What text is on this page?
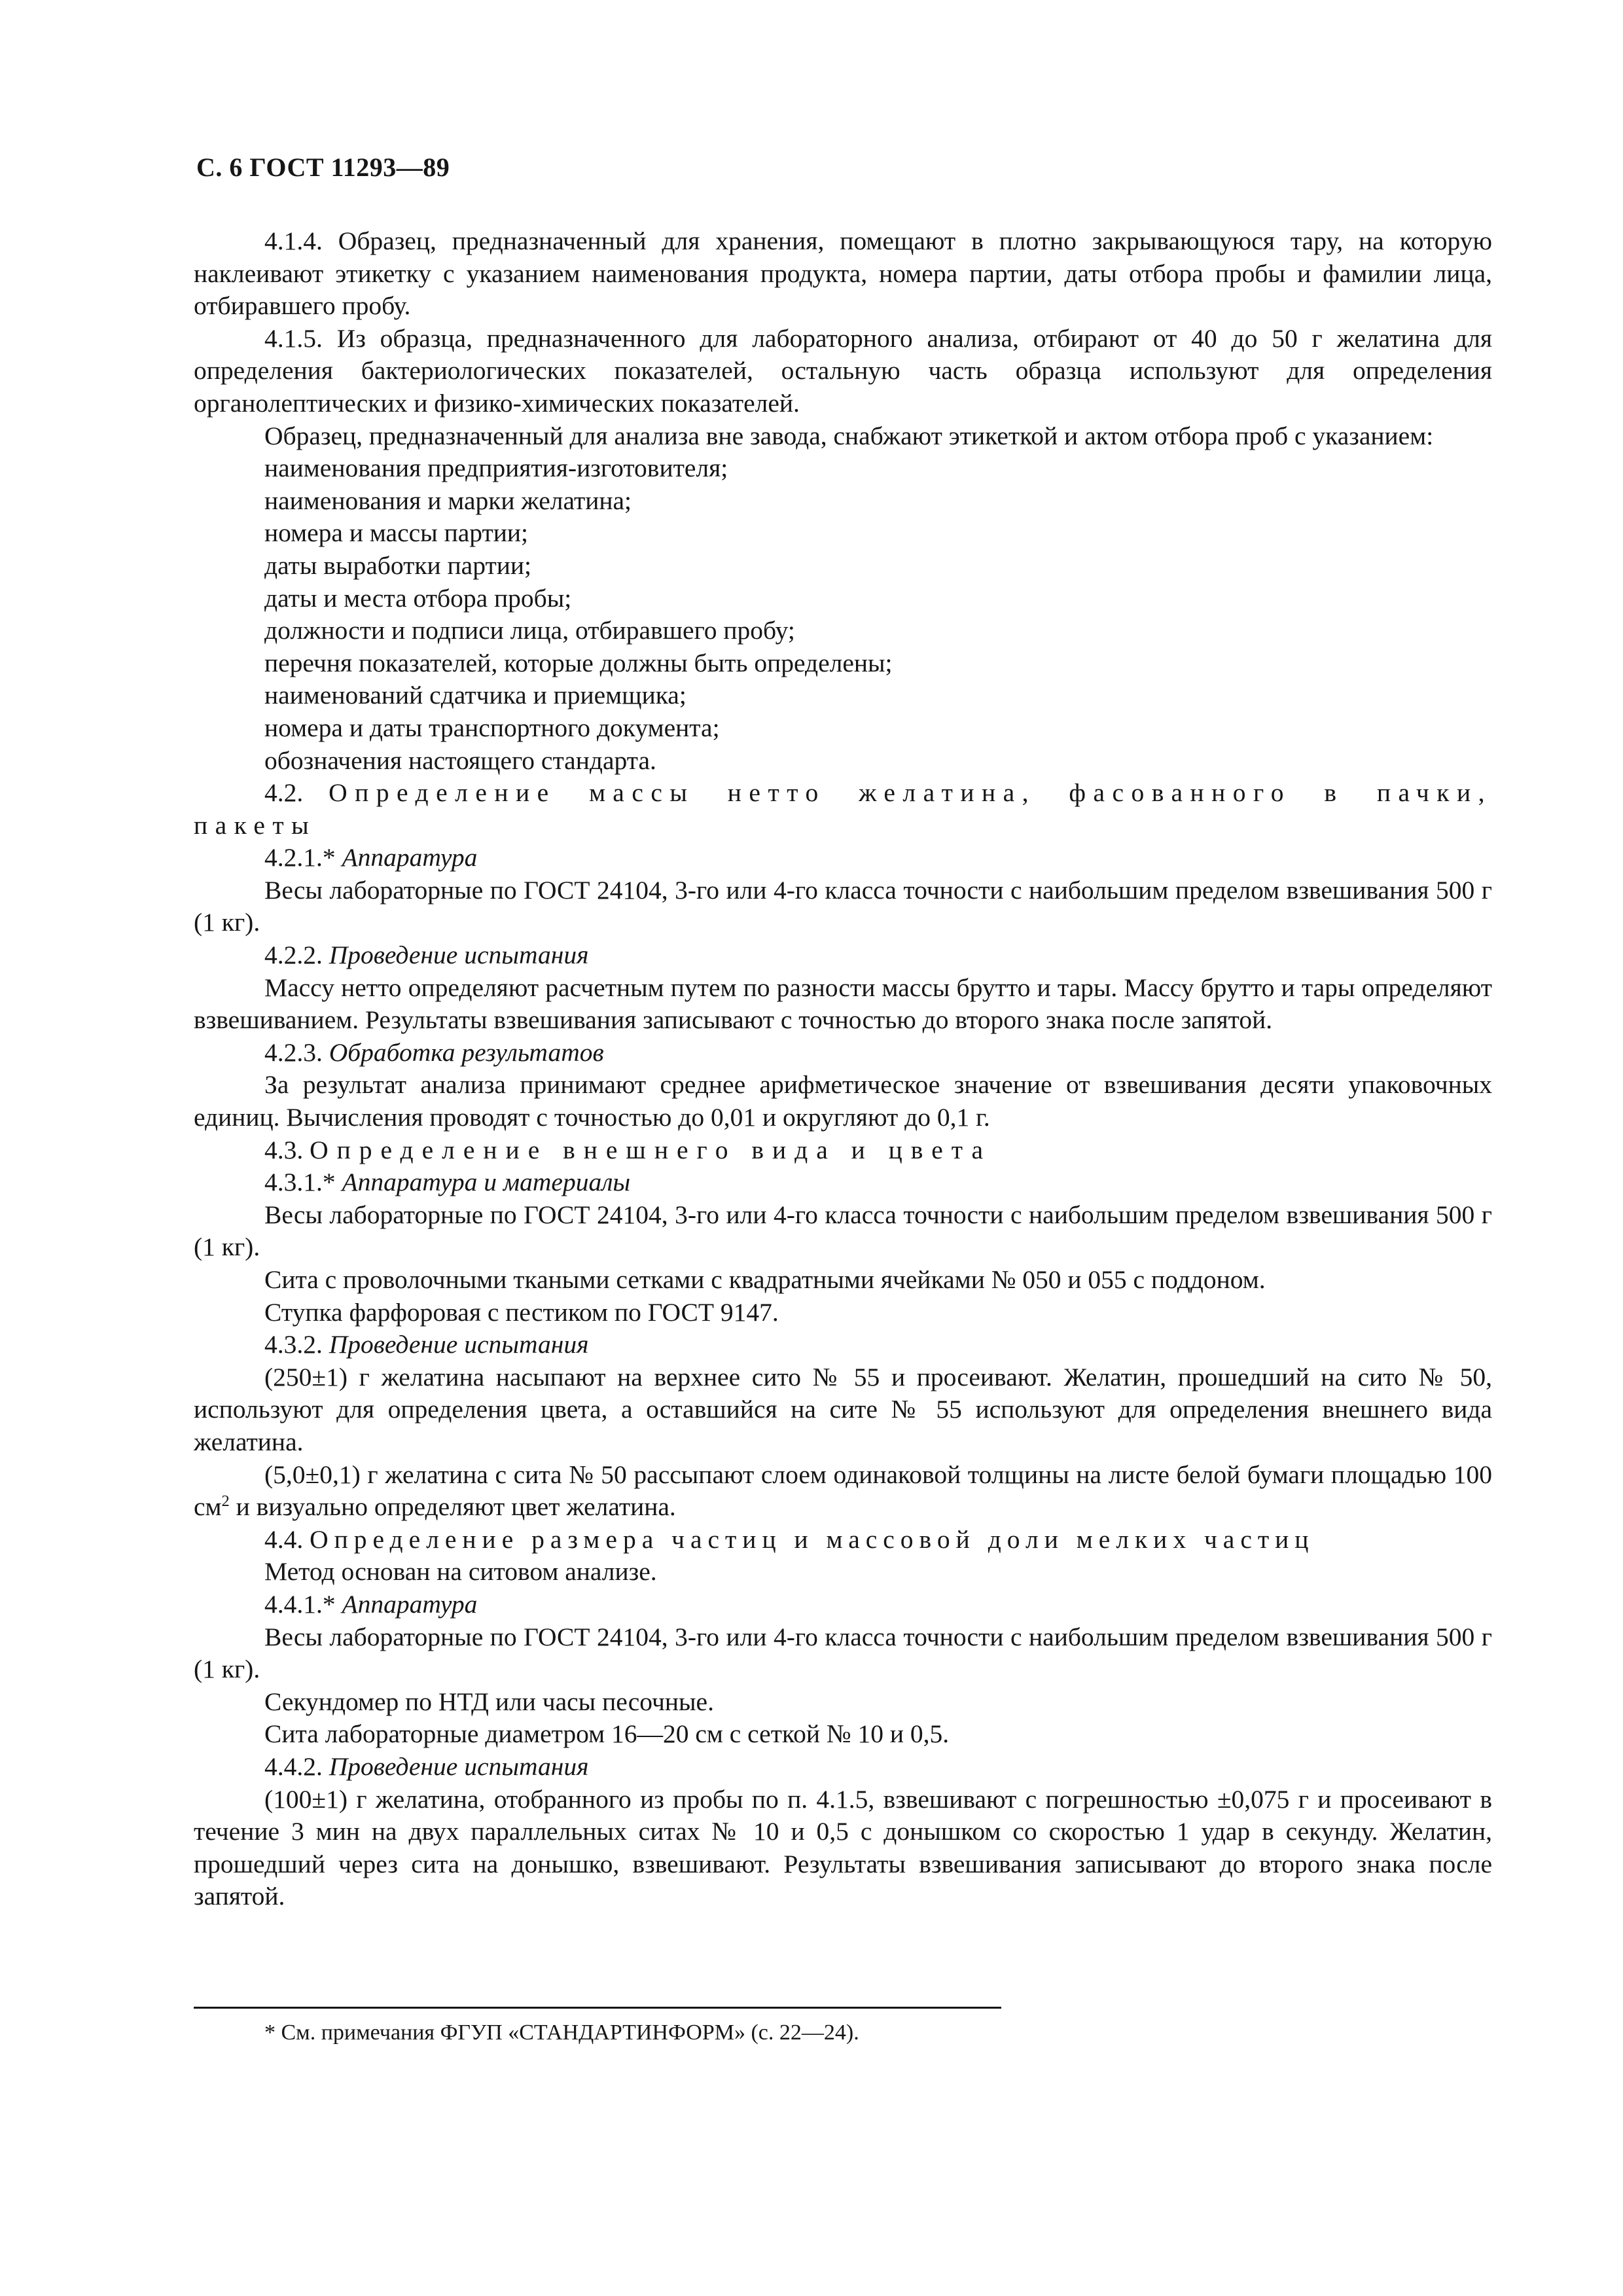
С. 6 ГОСТ 11293—89

4.1.4. Образец, предназначенный для хранения, помещают в плотно закрывающуюся тару, на которую наклеивают этикетку с указанием наименования продукта, номера партии, даты отбора пробы и фамилии лица, отбиравшего пробу.

4.1.5. Из образца, предназначенного для лабораторного анализа, отбирают от 40 до 50 г желатина для определения бактериологических показателей, остальную часть образца используют для определения органолептических и физико-химических показателей.

Образец, предназначенный для анализа вне завода, снабжают этикеткой и актом отбора проб с указанием:

наименования предприятия-изготовителя;

наименования и марки желатина;

номера и массы партии;

даты выработки партии;

даты и места отбора пробы;

должности и подписи лица, отбиравшего пробу;

перечня показателей, которые должны быть определены;

наименований сдатчика и приемщика;

номера и даты транспортного документа;

обозначения настоящего стандарта.

4.2. Определение массы нетто желатина, фасованного в пачки, пакеты

4.2.1.* Аппаратура

Весы лабораторные по ГОСТ 24104, 3-го или 4-го класса точности с наибольшим пределом взвешивания 500 г (1 кг).

4.2.2. Проведение испытания

Массу нетто определяют расчетным путем по разности массы брутто и тары. Массу брутто и тары определяют взвешиванием. Результаты взвешивания записывают с точностью до второго знака после запятой.

4.2.3. Обработка результатов

За результат анализа принимают среднее арифметическое значение от взвешивания десяти упаковочных единиц. Вычисления проводят с точностью до 0,01 и округляют до 0,1 г.

4.3. Определение внешнего вида и цвета

4.3.1.* Аппаратура и материалы

Весы лабораторные по ГОСТ 24104, 3-го или 4-го класса точности с наибольшим пределом взвешивания 500 г (1 кг).

Сита с проволочными ткаными сетками с квадратными ячейками № 050 и 055 с поддоном.

Ступка фарфоровая с пестиком по ГОСТ 9147.

4.3.2. Проведение испытания

(250±1) г желатина насыпают на верхнее сито № 55 и просеивают. Желатин, прошедший на сито № 50, используют для определения цвета, а оставшийся на сите № 55 используют для определения внешнего вида желатина.

(5,0±0,1) г желатина с сита № 50 рассыпают слоем одинаковой толщины на листе белой бумаги площадью 100 $см^2$ и визуально определяют цвет желатина.

4.4. Определение размера частиц и массовой доли мелких частиц

Метод основан на ситовом анализе.

4.4.1.* Аппаратура

Весы лабораторные по ГОСТ 24104, 3-го или 4-го класса точности с наибольшим пределом взвешивания 500 г (1 кг).

Секундомер по НТД или часы песочные.

Сита лабораторные диаметром 16—20 см с сеткой № 10 и 0,5.

4.4.2. Проведение испытания

(100±1) г желатина, отобранного из пробы по п. 4.1.5, взвешивают с погрешностью ±0,075 г и просеивают в течение 3 мин на двух параллельных ситах № 10 и 0,5 с донышком со скоростью 1 удар в секунду. Желатин, прошедший через сита на донышко, взвешивают. Результаты взвешивания записывают до второго знака после запятой.

* См. примечания ФГУП «СТАНДАРТИНФОРМ» (с. 22—24).
